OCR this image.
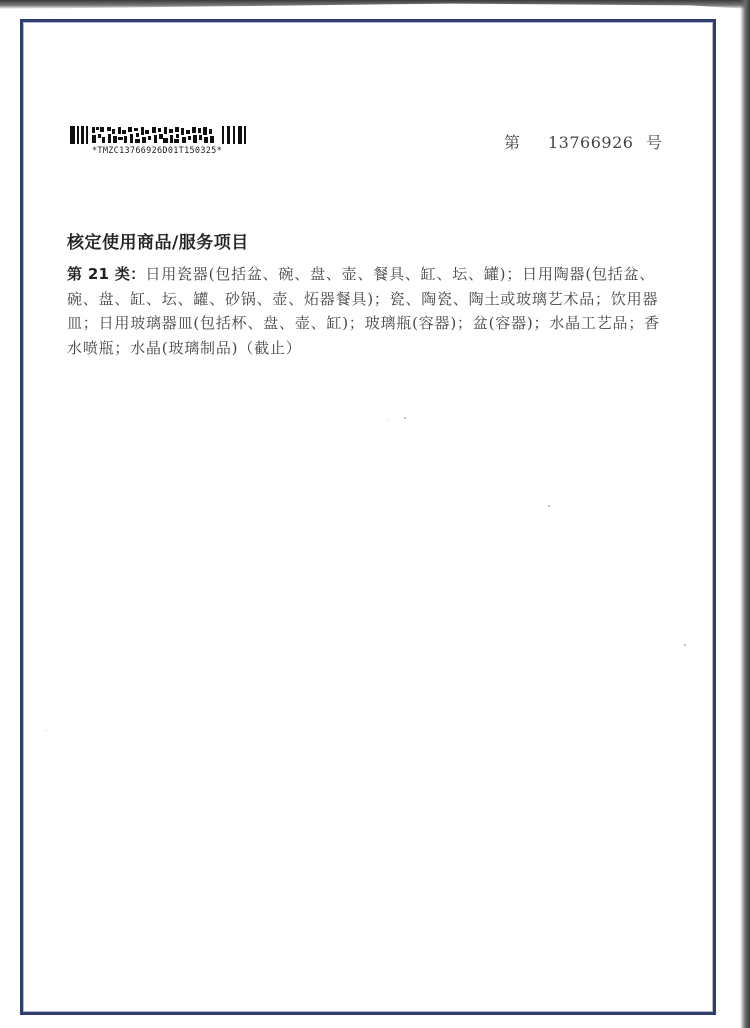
*TMZC13766926D01T150325*	第	13766926 号
核定使用商品/服务项目
第 21 类：日用瓷器(包括盆、碗、盘、壶、餐具、缸、坛、罐)；日用陶器(包括盆、碗、盘、缸、坛、罐、砂锅、壶、炻器餐具)；瓷、陶瓷、陶土或玻璃艺术品；饮用器皿；日用玻璃器皿(包括杯、盘、壶、缸)；玻璃瓶(容器)；盆(容器)；水晶工艺品；香水喷瓶；水晶(玻璃制品)（截止）
